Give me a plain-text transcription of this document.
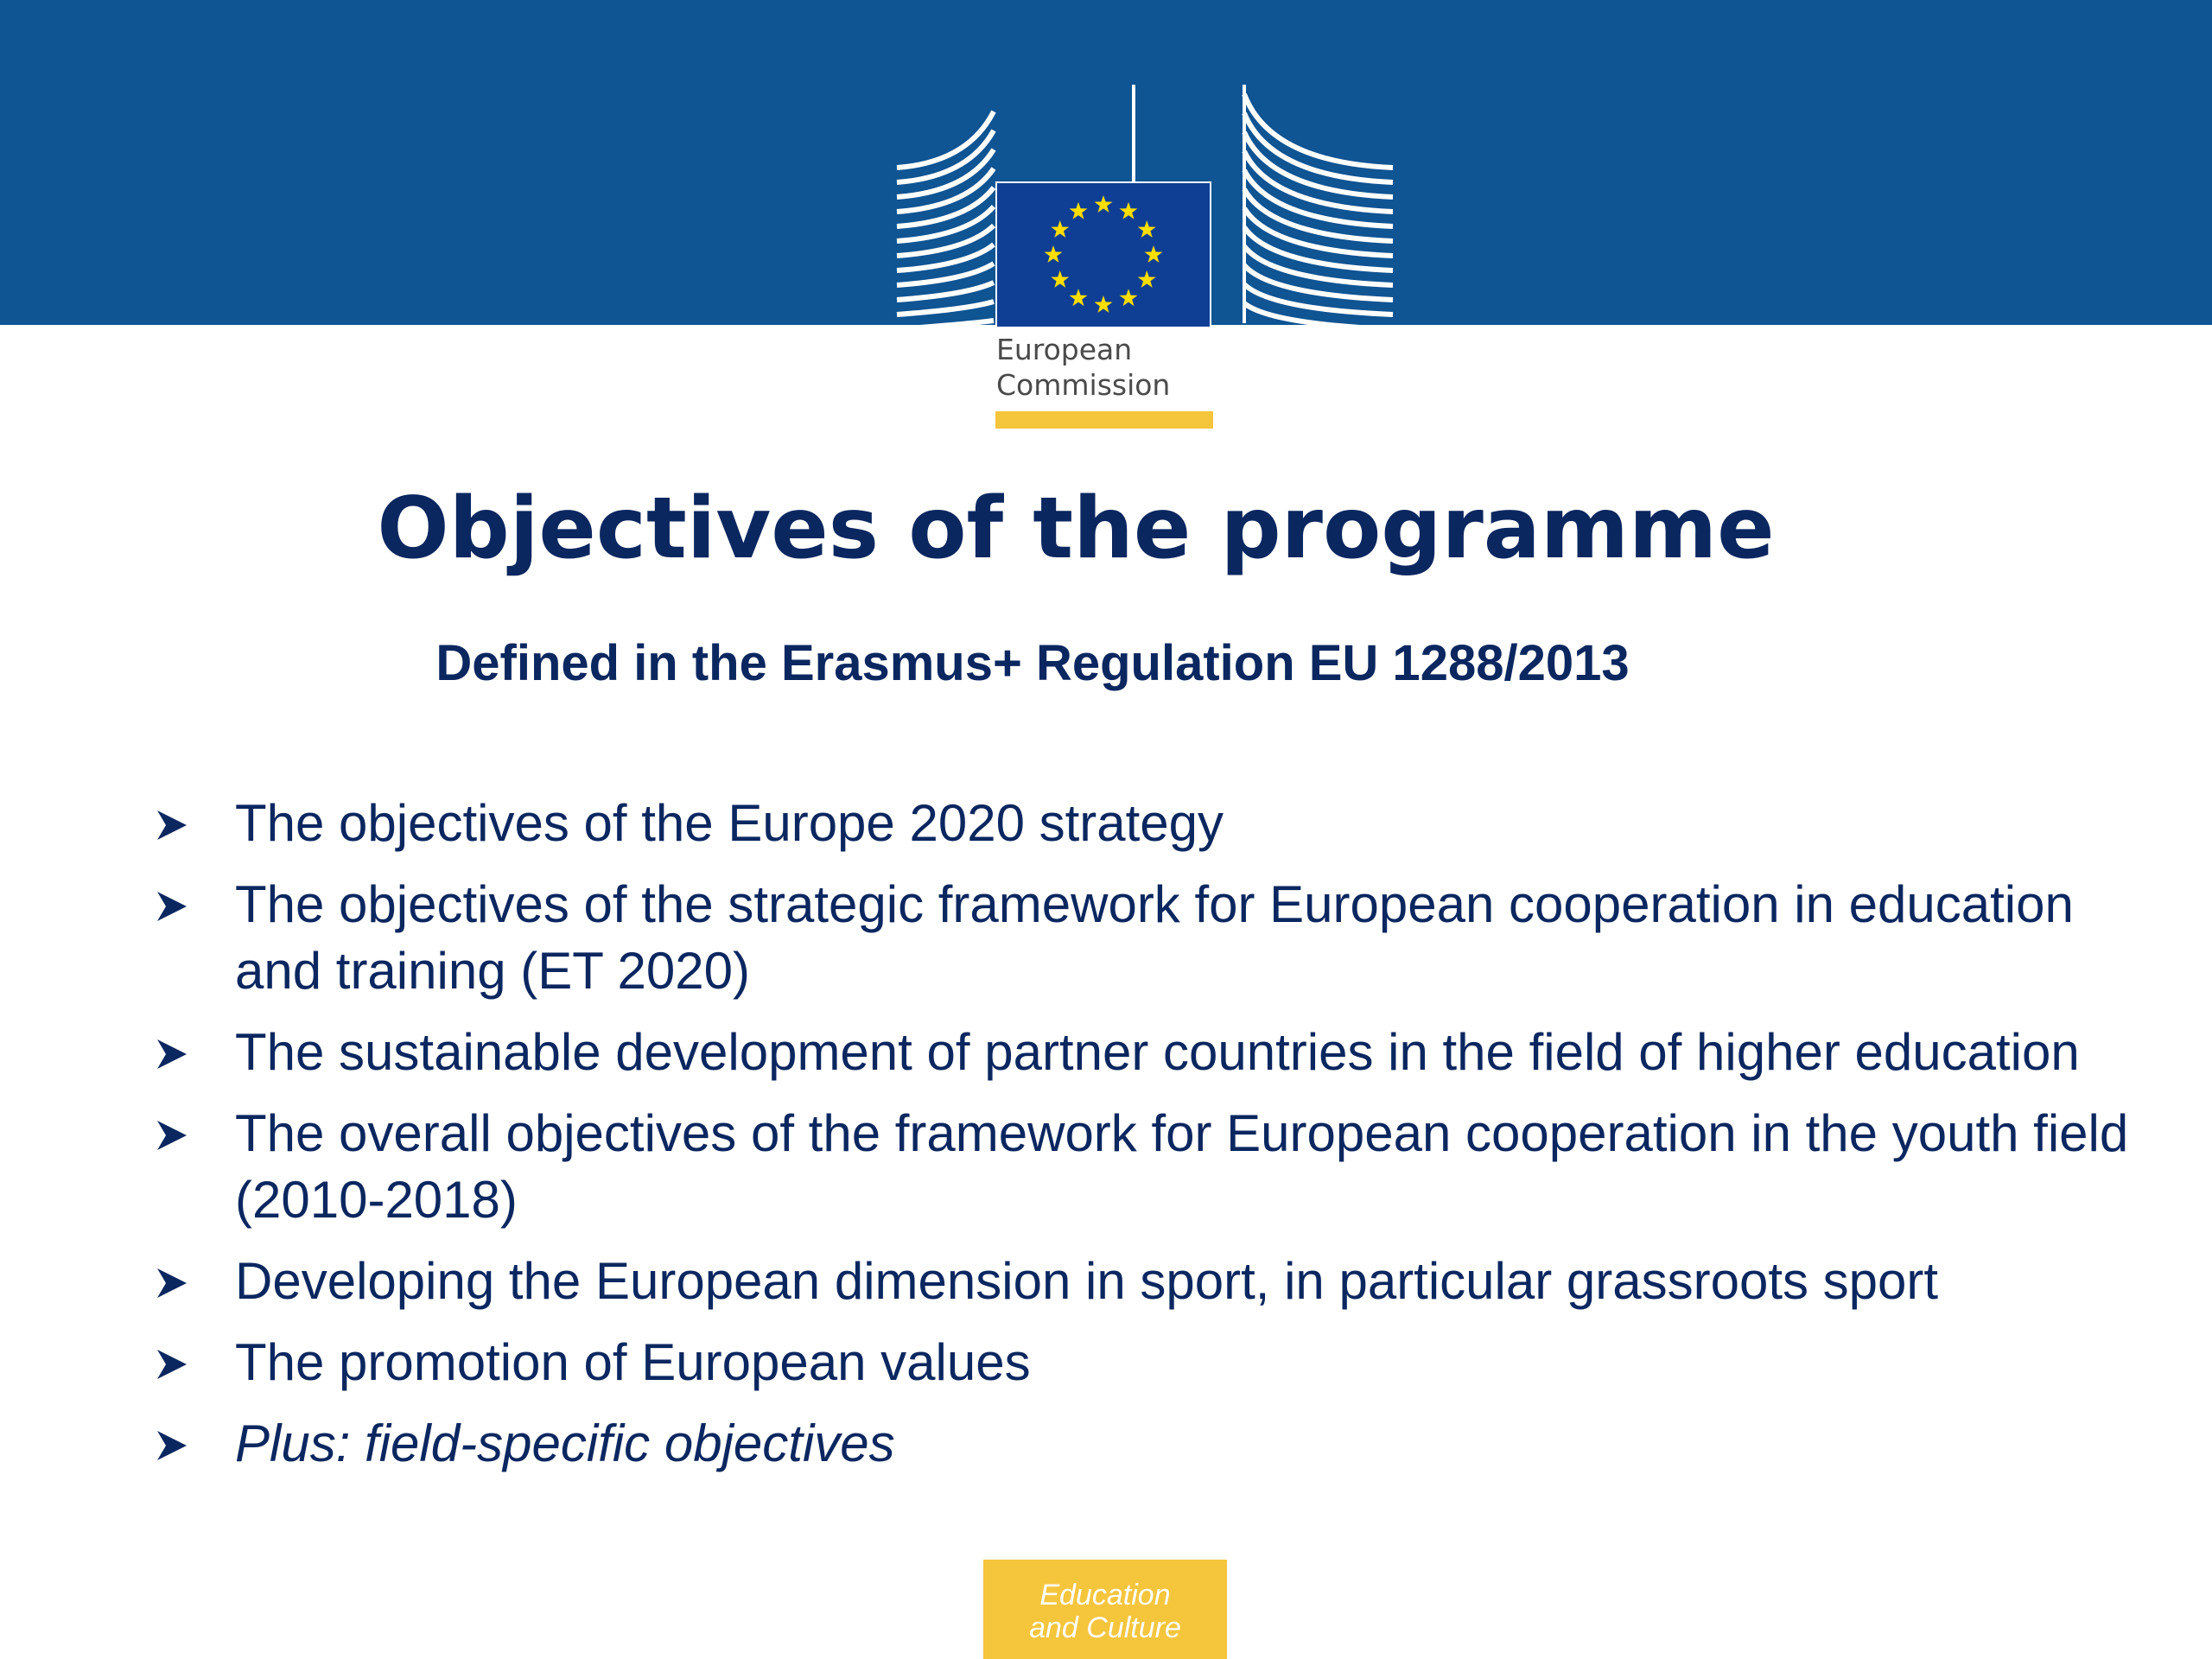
European
Commission
Objectives of the programme
Defined in the Erasmus+ Regulation EU 1288/2013
The objectives of the Europe 2020 strategy
The objectives of the strategic framework for European cooperation in education and training (ET 2020)
The sustainable development of partner countries in the field of higher education
The overall objectives of the framework for European cooperation in the youth field (2010-2018)
Developing the European dimension in sport, in particular grassroots sport
The promotion of European values
Plus: field-specific objectives
Education
and Culture
